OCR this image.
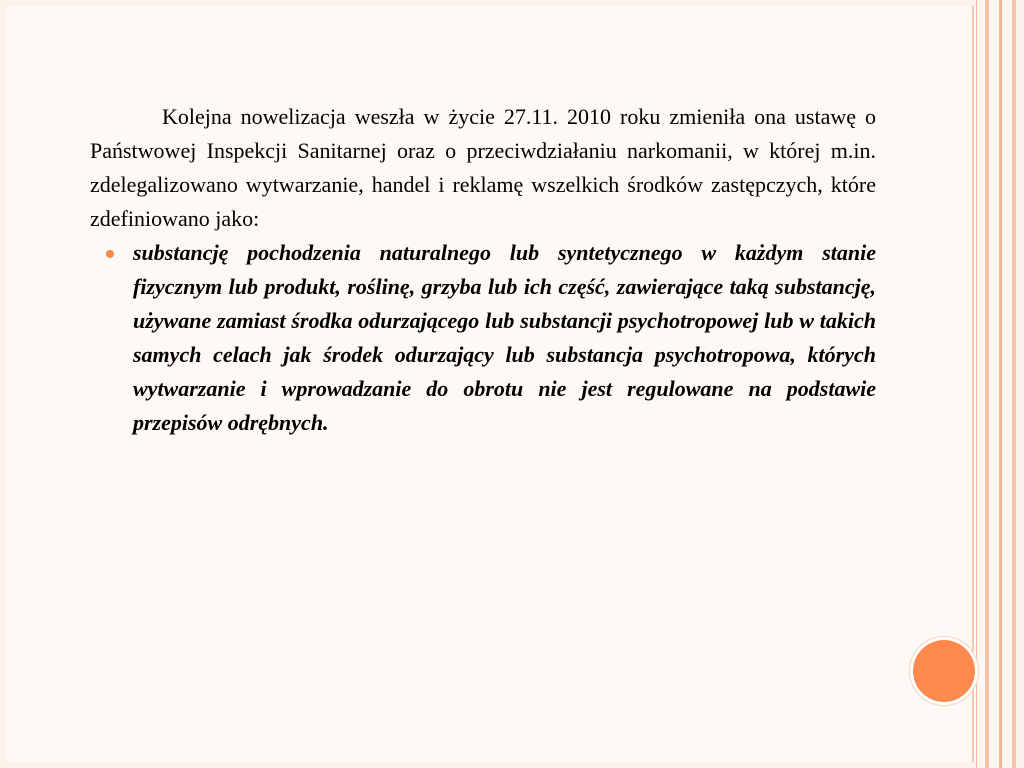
Kolejna nowelizacja weszła w życie 27.11. 2010 roku zmieniła ona ustawę o Państwowej Inspekcji Sanitarnej oraz o przeciwdziałaniu narkomanii, w której m.in. zdelegalizowano wytwarzanie, handel i reklamę wszelkich środków zastępczych, które zdefiniowano jako:

substancję pochodzenia naturalnego lub syntetycznego w każdym stanie fizycznym lub produkt, roślinę, grzyba lub ich część, zawierające taką substancję, używane zamiast środka odurzającego lub substancji psychotropowej lub w takich samych celach jak środek odurzający lub substancja psychotropowa, których wytwarzanie i wprowadzanie do obrotu nie jest regulowane na podstawie przepisów odrębnych.
